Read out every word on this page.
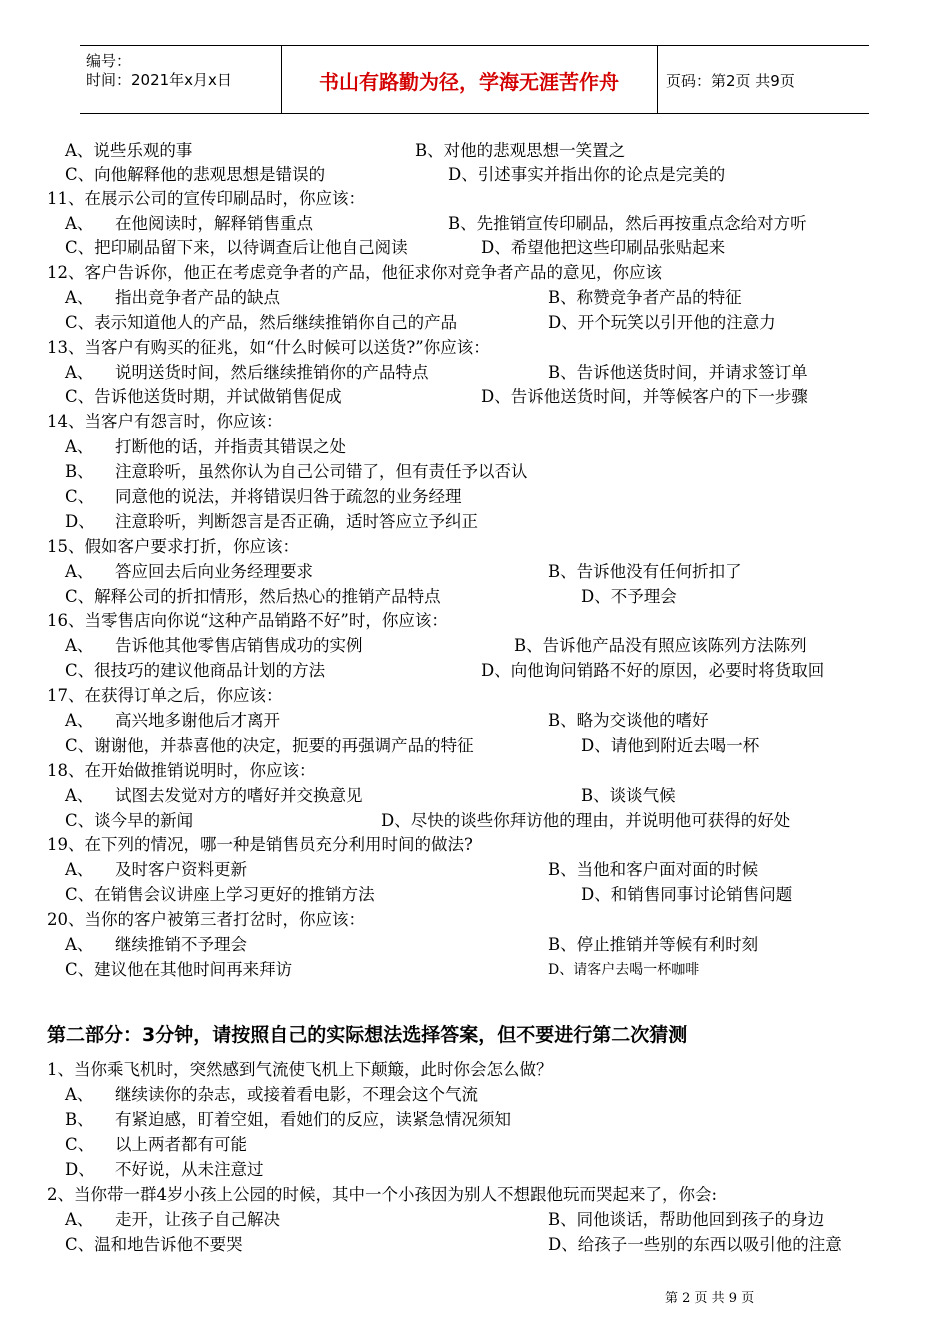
编号：
时间：2021年x月x日	书山有路勤为径，学海无涯苦作舟	页码：第2页 共9页
A、说些乐观的事	B、对他的悲观思想一笑置之
C、向他解释他的悲观思想是错误的	D、引述事实并指出你的论点是完美的
11、在展示公司的宣传印刷品时，你应该：
A、 在他阅读时，解释销售重点	B、先推销宣传印刷品，然后再按重点念给对方听
C、把印刷品留下来，以待调查后让他自己阅读	D、希望他把这些印刷品张贴起来
12、客户告诉你，他正在考虑竞争者的产品，他征求你对竞争者产品的意见，你应该
A、 指出竞争者产品的缺点	B、称赞竞争者产品的特征
C、表示知道他人的产品，然后继续推销你自己的产品	D、开个玩笑以引开他的注意力
13、当客户有购买的征兆，如“什么时候可以送货?”你应该：
A、 说明送货时间，然后继续推销你的产品特点	B、告诉他送货时间，并请求签订单
C、告诉他送货时期，并试做销售促成	D、告诉他送货时间，并等候客户的下一步骤
14、当客户有怨言时，你应该：
A、 打断他的话，并指责其错误之处
B、 注意聆听，虽然你认为自己公司错了，但有责任予以否认
C、 同意他的说法，并将错误归咎于疏忽的业务经理
D、 注意聆听，判断怨言是否正确，适时答应立予纠正
15、假如客户要求打折，你应该：
A、 答应回去后向业务经理要求	B、告诉他没有任何折扣了
C、解释公司的折扣情形，然后热心的推销产品特点	D、不予理会
16、当零售店向你说“这种产品销路不好”时，你应该：
A、 告诉他其他零售店销售成功的实例	B、告诉他产品没有照应该陈列方法陈列
C、很技巧的建议他商品计划的方法	D、向他询问销路不好的原因，必要时将货取回
17、在获得订单之后，你应该：
A、 高兴地多谢他后才离开	B、略为交谈他的嗜好
C、谢谢他，并恭喜他的决定，扼要的再强调产品的特征	D、请他到附近去喝一杯
18、在开始做推销说明时，你应该：
A、 试图去发觉对方的嗜好并交换意见	B、谈谈气候
C、谈今早的新闻	D、尽快的谈些你拜访他的理由，并说明他可获得的好处
19、在下列的情况，哪一种是销售员充分利用时间的做法?
A、 及时客户资料更新	B、当他和客户面对面的时候
C、在销售会议讲座上学习更好的推销方法	D、和销售同事讨论销售问题
20、当你的客户被第三者打岔时，你应该：
A、 继续推销不予理会	B、停止推销并等候有利时刻
C、建议他在其他时间再来拜访	D、请客户去喝一杯咖啡
1、当你乘飞机时，突然感到气流使飞机上下颠簸，此时你会怎么做？
A、 继续读你的杂志，或接着看电影，不理会这个气流
B、 有紧迫感，盯着空姐，看她们的反应，读紧急情况须知
C、 以上两者都有可能
D、 不好说，从未注意过
2、当你带一群4岁小孩上公园的时候，其中一个小孩因为别人不想跟他玩而哭起来了，你会:
A、 走开，让孩子自己解决	B、同他谈话，帮助他回到孩子的身边
C、温和地告诉他不要哭	D、给孩子一些别的东西以吸引他的注意
第二部分：3分钟，请按照自己的实际想法选择答案，但不要进行第二次猜测
第 2 页 共 9 页
